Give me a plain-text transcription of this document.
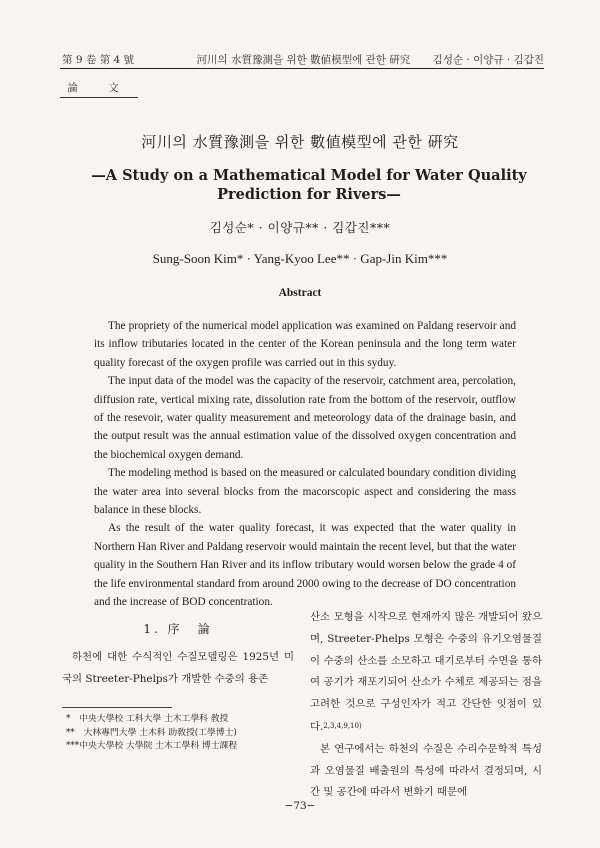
第 9 卷 第 4 號	河川의 水質豫測을 위한 數値模型에 관한 硏究 김성순 · 이양규 · 김갑진
論　文
河川의 水質豫測을 위한 數値模型에 관한 硏究
—A Study on a Mathematical Model for Water Quality Prediction for Rivers—
김성순* · 이양규** · 김갑진***
Sung-Soon Kim* · Yang-Kyoo Lee** · Gap-Jin Kim***
Abstract

The propriety of the numerical model application was examined on Paldang reservoir and its inflow tributaries located in the center of the Korean peninsula and the long term water quality forecast of the oxygen profile was carried out in this syduy.

The input data of the model was the capacity of the reservoir, catchment area, percolation, diffusion rate, vertical mixing rate, dissolution rate from the bottom of the reservoir, outflow of the resevoir, water quality measurement and meteorology data of the drainage basin, and the output result was the annual estimation value of the dissolved oxygen concentration and the biochemical oxygen demand.

The modeling method is based on the measured or calculated boundary condition dividing the water area into several blocks from the macorscopic aspect and considering the mass balance in these blocks.

As the result of the water quality forecast, it was expected that the water quality in Northern Han River and Paldang reservoir would maintain the recent level, but that the water quality in the Southern Han River and its inflow tributary would worsen below the grade 4 of the life environmental standard from around 2000 owing to the decrease of DO concentration and the increase of BOD concentration.

1. 序　論

하천에 대한 수식적인 수질모델링은 1925년 미국의 Streeter-Phelps가 개발한 수중의 용존

산소 모형을 시작으로 현재까지 많은 개발되어 왔으며, Streeter-Phelps 모형은 수중의 유기오염물질이 수중의 산소를 소모하고 대기로부터 수면을 통하여 공기가 재포기되어 산소가 수체로 제공되는 점을 고려한 것으로 구성인자가 적고 간단한 잇점이 있다.$^{2,3,4,9,10)}$

본 연구에서는 하천의 수질은 수리수문학적 특성과 오염물질 배출원의 특성에 따라서 결정되며, 시간 및 공간에 따라서 변화기 때문에

*　中央大學校 工科大學 土木工學科 敎授
**　大林專門大學 土木科 助敎授(工學博士)
***中央大學校 大學院 土木工學科 博士課程
−73−
